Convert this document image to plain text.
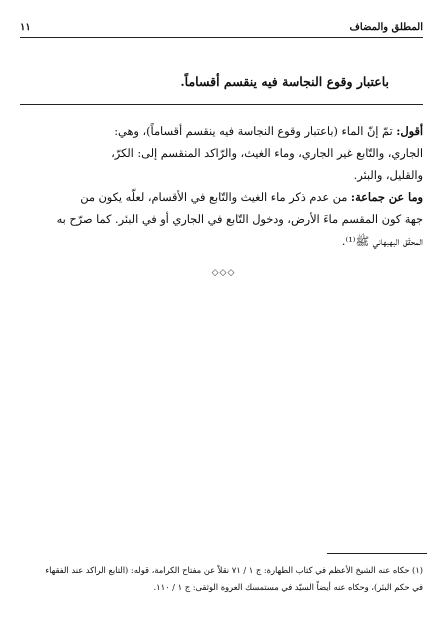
المطلق والمضاف
١١
باعتبار وقوع النجاسة فيه ينقسم أقساماً.
أقول: تمّ إنّ الماء (باعتبار وقوع النجاسة فيه ينقسم أقساماً)، وهي:
الجاري، والتّابع غير الجاري، وماء الغيث، والرّاكد المنقسم إلى: الكرّ،
والقليل، والبئر.
وما عن جماعة: من عدم ذكر ماء الغيث والتّابع في الأقسام، لعلّه يكون من
جهة كون المقسم ماءَ الأرض، ودخول التّابع في الجاري أو في البئر. كما صرّح به
المحقّق البهبهاني ﷺ⁽¹⁾.
◇◇◇
(١) حكاه عنه الشيخ الأعظم في كتاب الطهارة: ج ١ / ٧١ نقلاً عن مفتاح الكرامة، قوله: (التابع الراكد عند الفقهاء
في حكم البئر)، وحكاه عنه أيضاً السيّد في مستمسك العروة الوثقى: ج ١ / ١١٠.
